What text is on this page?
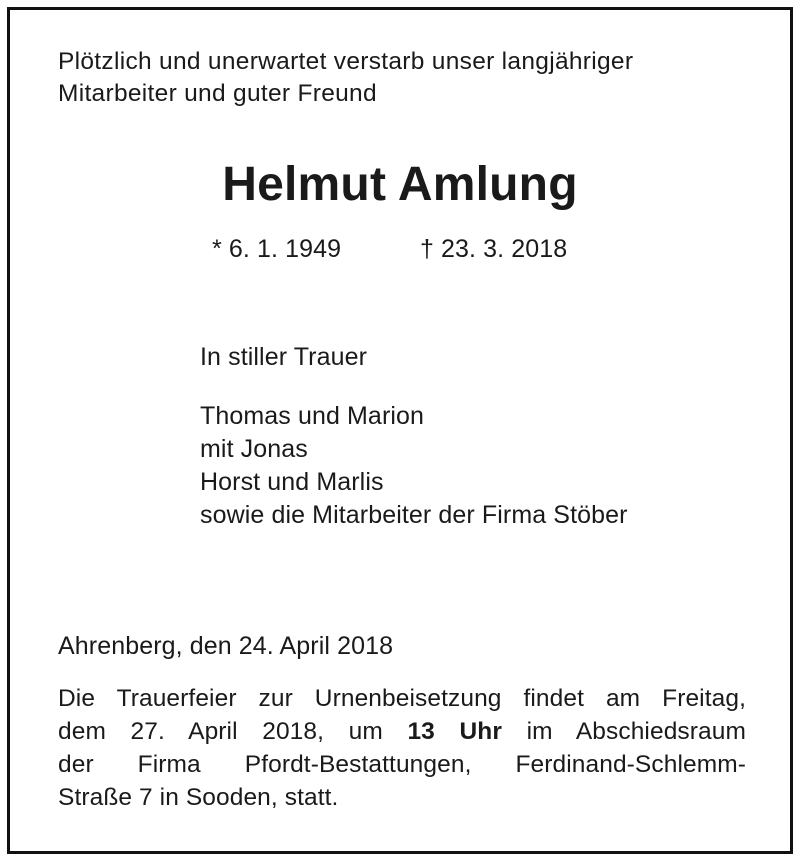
Plötzlich und unerwartet verstarb unser langjähriger
Mitarbeiter und guter Freund
Helmut Amlung
* 6. 1. 1949	† 23. 3. 2018
In stiller Trauer
Thomas und Marion
mit Jonas
Horst und Marlis
sowie die Mitarbeiter der Firma Stöber
Ahrenberg, den 24. April 2018
Die Trauerfeier zur Urnenbeisetzung findet am Freitag,
dem 27. April 2018, um 13 Uhr im Abschiedsraum
der Firma Pfordt-Bestattungen, Ferdinand-Schlemm-
Straße 7 in Sooden, statt.
